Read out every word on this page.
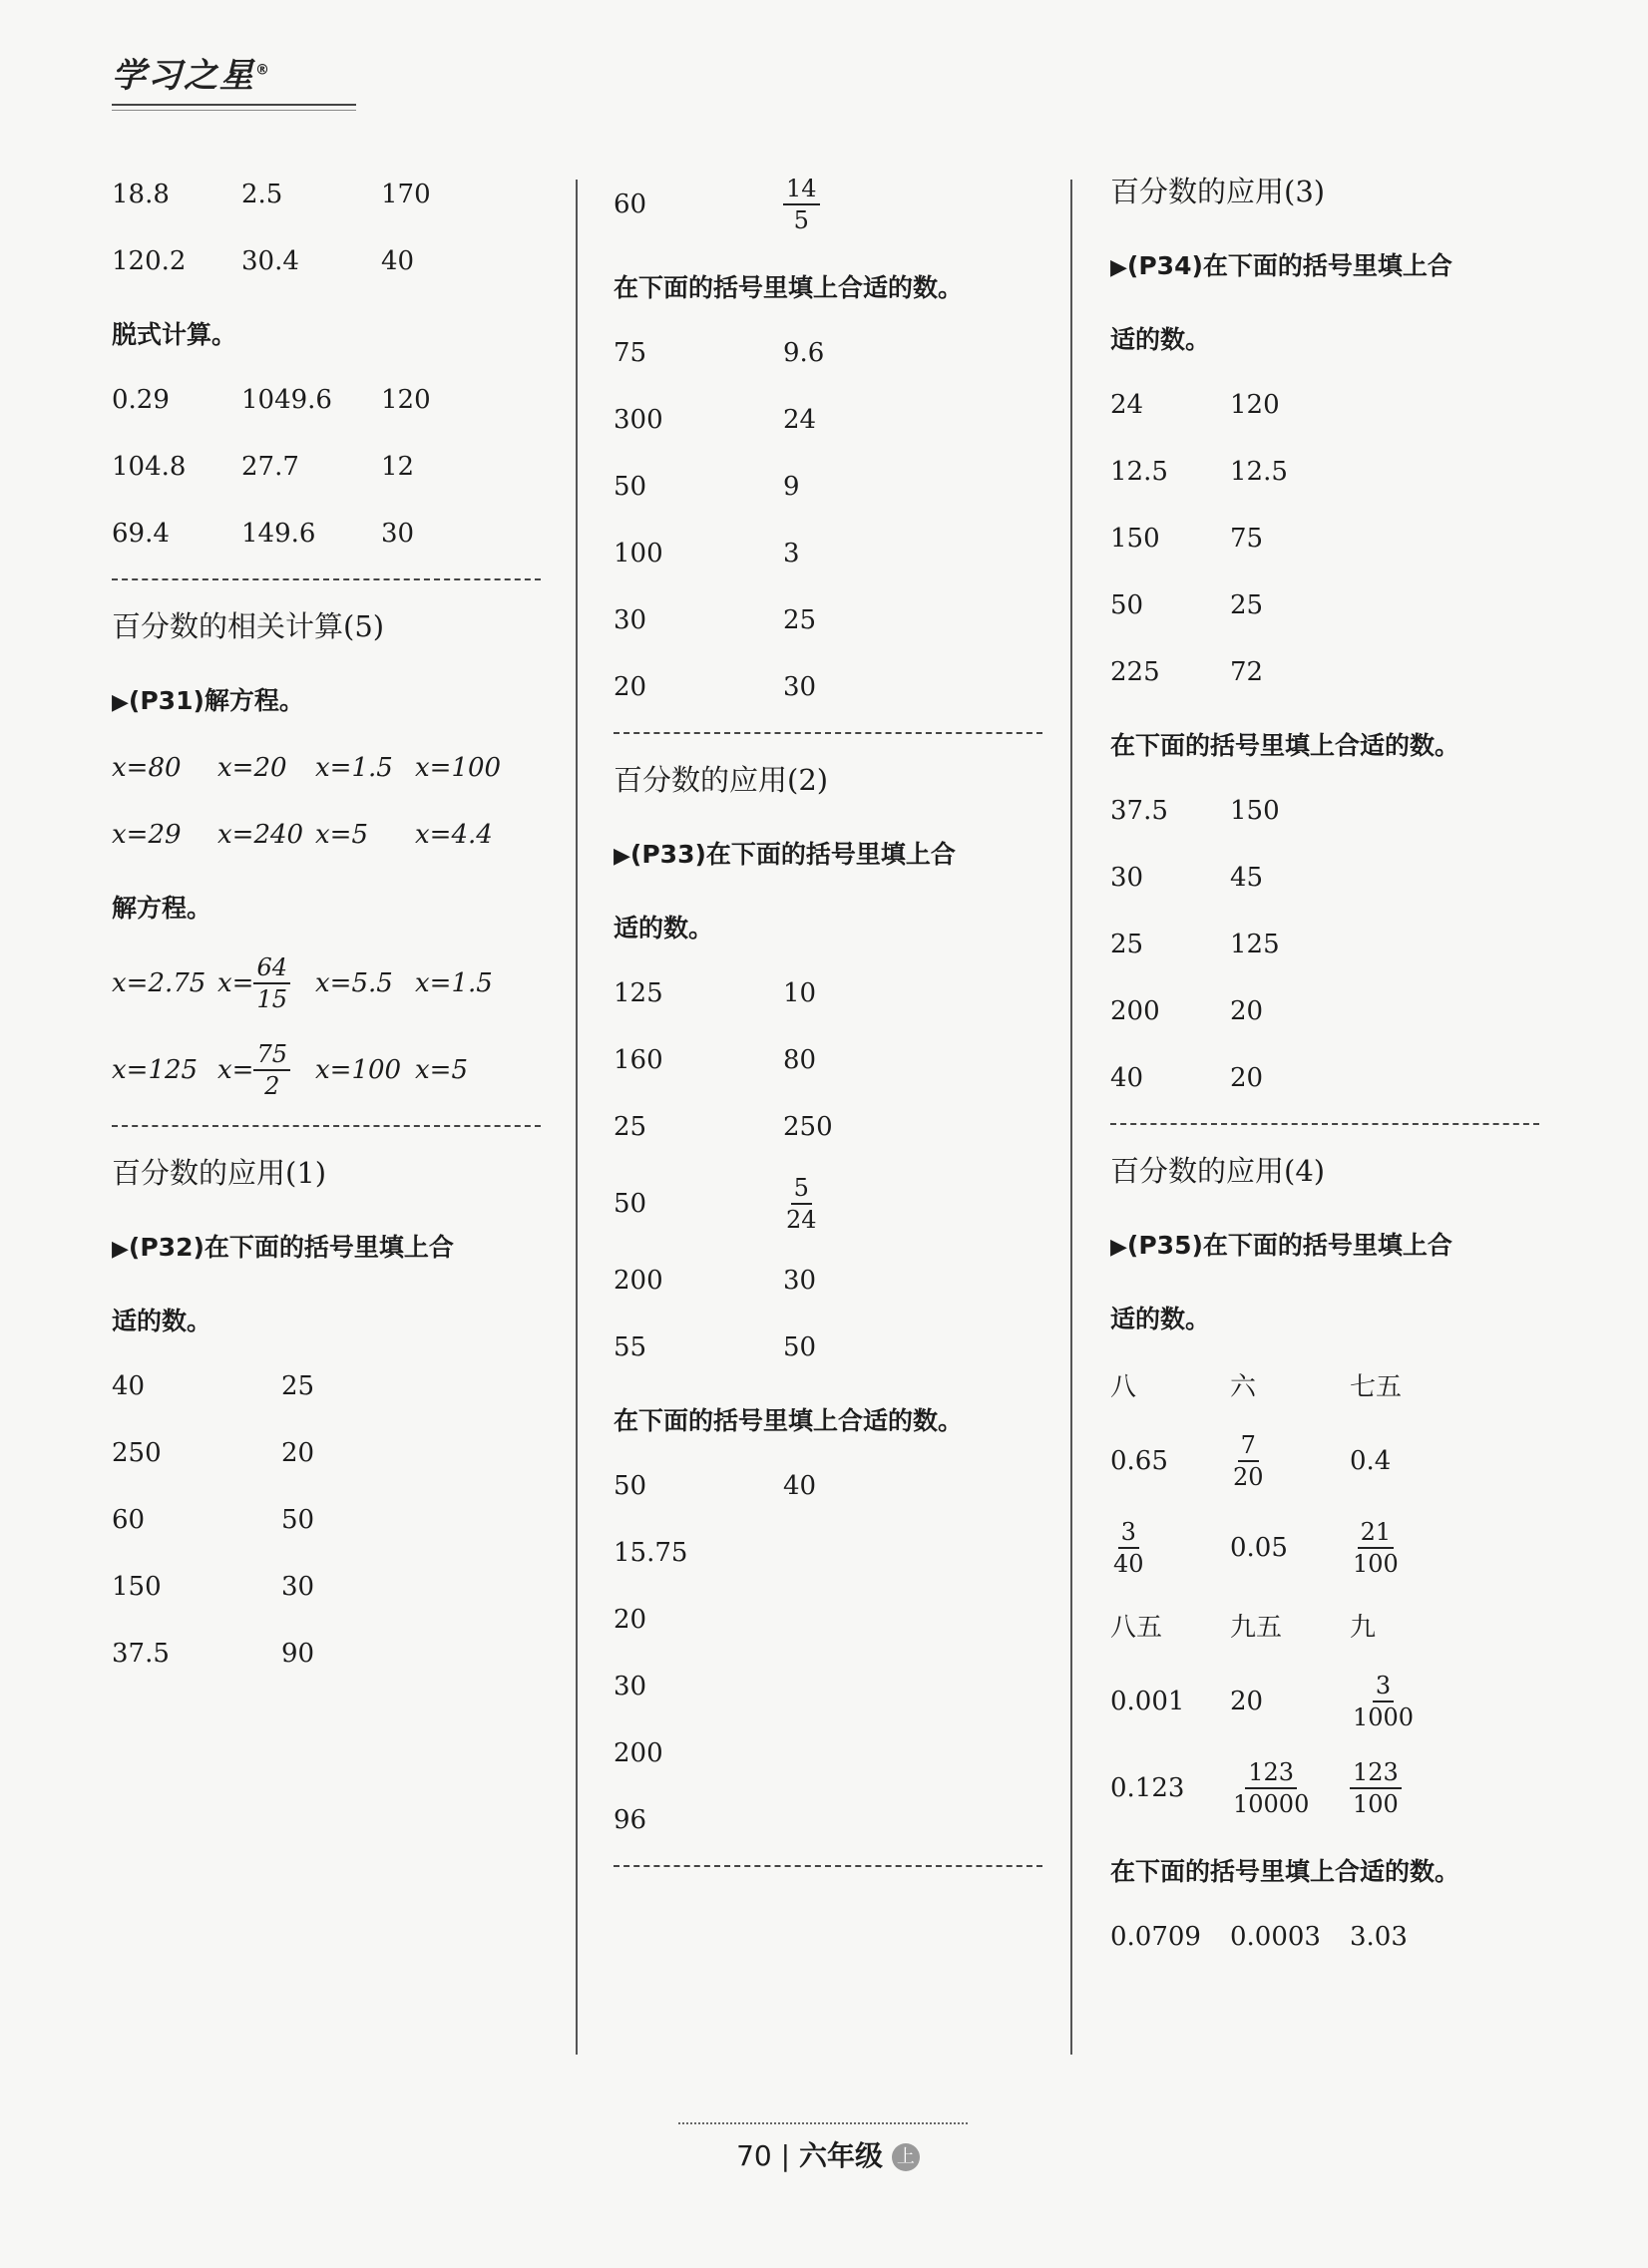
学习之星®
18.8	2.5	170
120.2	30.4	40
脱式计算。
0.29	1049.6	120
104.8	27.7	12
69.4	149.6	30
百分数的相关计算(5)
▶(P31)解方程。
x=80	x=20	x=1.5 x=100
x=29	x=240 x=5	x=4.4
解方程。
x=2.75 $x= \frac{64}{15} x=5.5$ x=1.5
x=125 $x= \frac{75}{2} x=100$ x=5
百分数的应用(1)
▶(P32)在下面的括号里填上合
适的数。
40	25
250	20
60	50
150	30
37.5	90
60	$\frac{14}{5}$
在下面的括号里填上合适的数。
75	9.6
300	24
50	9
100	3
30	25
20	30
百分数的应用(2)
▶(P33)在下面的括号里填上合
适的数。
125	10
160	80
25	250
50	$\frac{5}{24}$
200	30
55	50
在下面的括号里填上合适的数。
50	40
15.75
20
30
200
96
百分数的应用(3)
▶(P34)在下面的括号里填上合
适的数。
24	120
12.5	12.5
150	75
50	25
225	72
在下面的括号里填上合适的数。
37.5	150
30	45
25	125
200	20
40	20
百分数的应用(4)
▶(P35)在下面的括号里填上合
适的数。
八	六	七五
0.65	$\frac{7}{20}$	0.4
$\frac{3}{40}$	0.05	$\frac{21}{100}$
八五	九五	九
0.001	20	$\frac{3}{1000}$
0.123	$\frac{123}{10000} \frac{123}{100}$
在下面的括号里填上合适的数。
0.0709	0.0003	3.03
70 | 六年级 上
